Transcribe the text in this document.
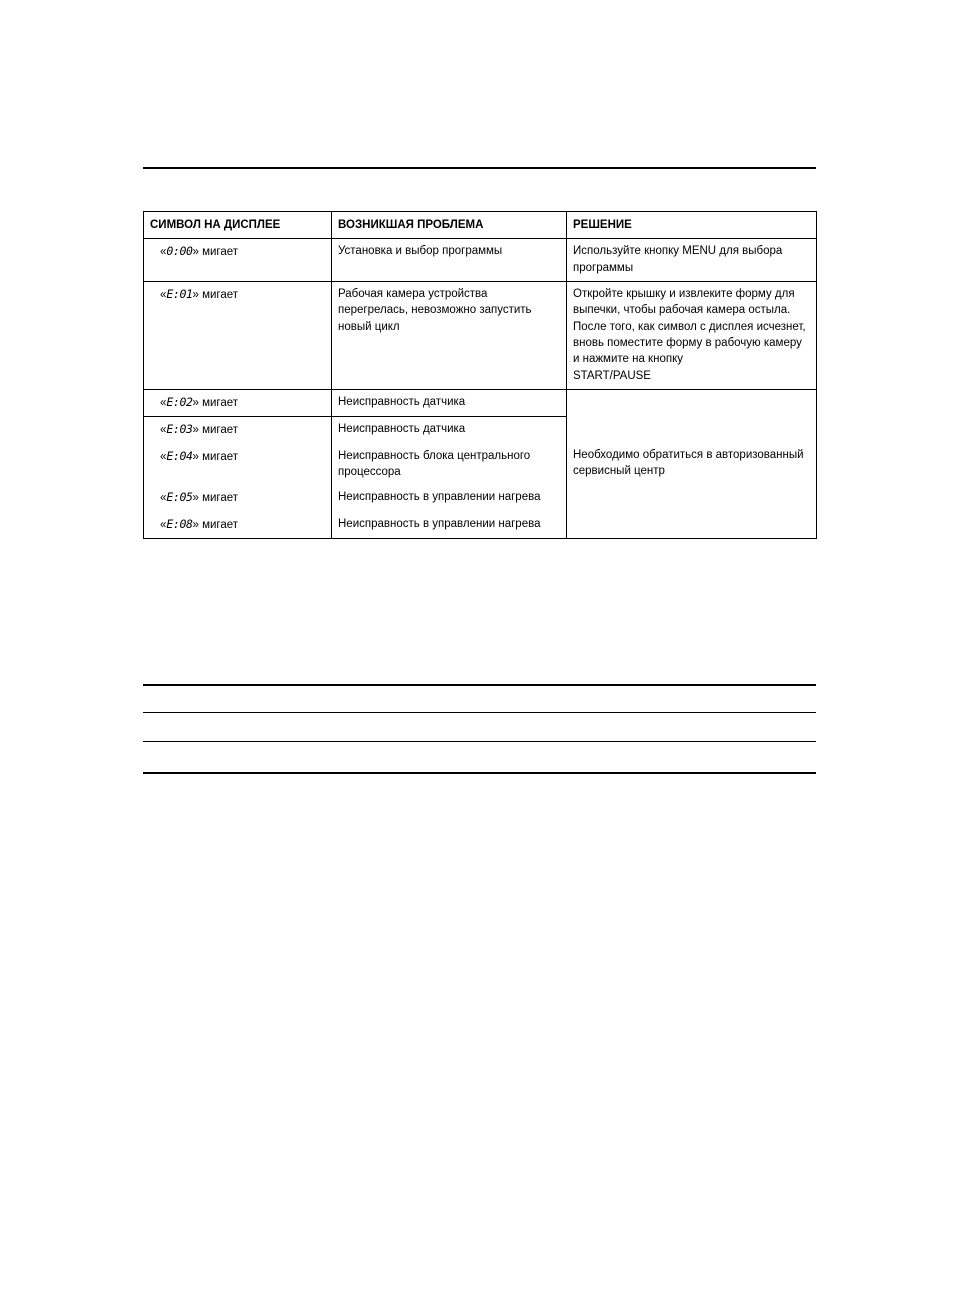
СИМВОЛ НА ДИСПЛЕЕ	ВОЗНИКШАЯ ПРОБЛЕМА	РЕШЕНИЕ
«0:00» мигает	Установка и выбор программы	Используйте кнопку MENU для выбора программы
«E:01» мигает	Рабочая камера устройства перегрелась, невозможно запустить новый цикл	Откройте крышку и извлеките форму для выпечки, чтобы рабочая камера остыла. После того, как символ с дисплея исчезнет, вновь поместите форму в рабочую камеру и нажмите на кнопку
START/PAUSE
«E:02» мигает	Неисправность датчика	Необходимо обратиться в авторизованный сервисный центр
«E:03» мигает	Неисправность датчика	
«E:04» мигает	Неисправность блока центрального процессора	
«E:05» мигает	Неисправность в управлении нагрева	
«E:08» мигает	Неисправность в управлении нагрева	
